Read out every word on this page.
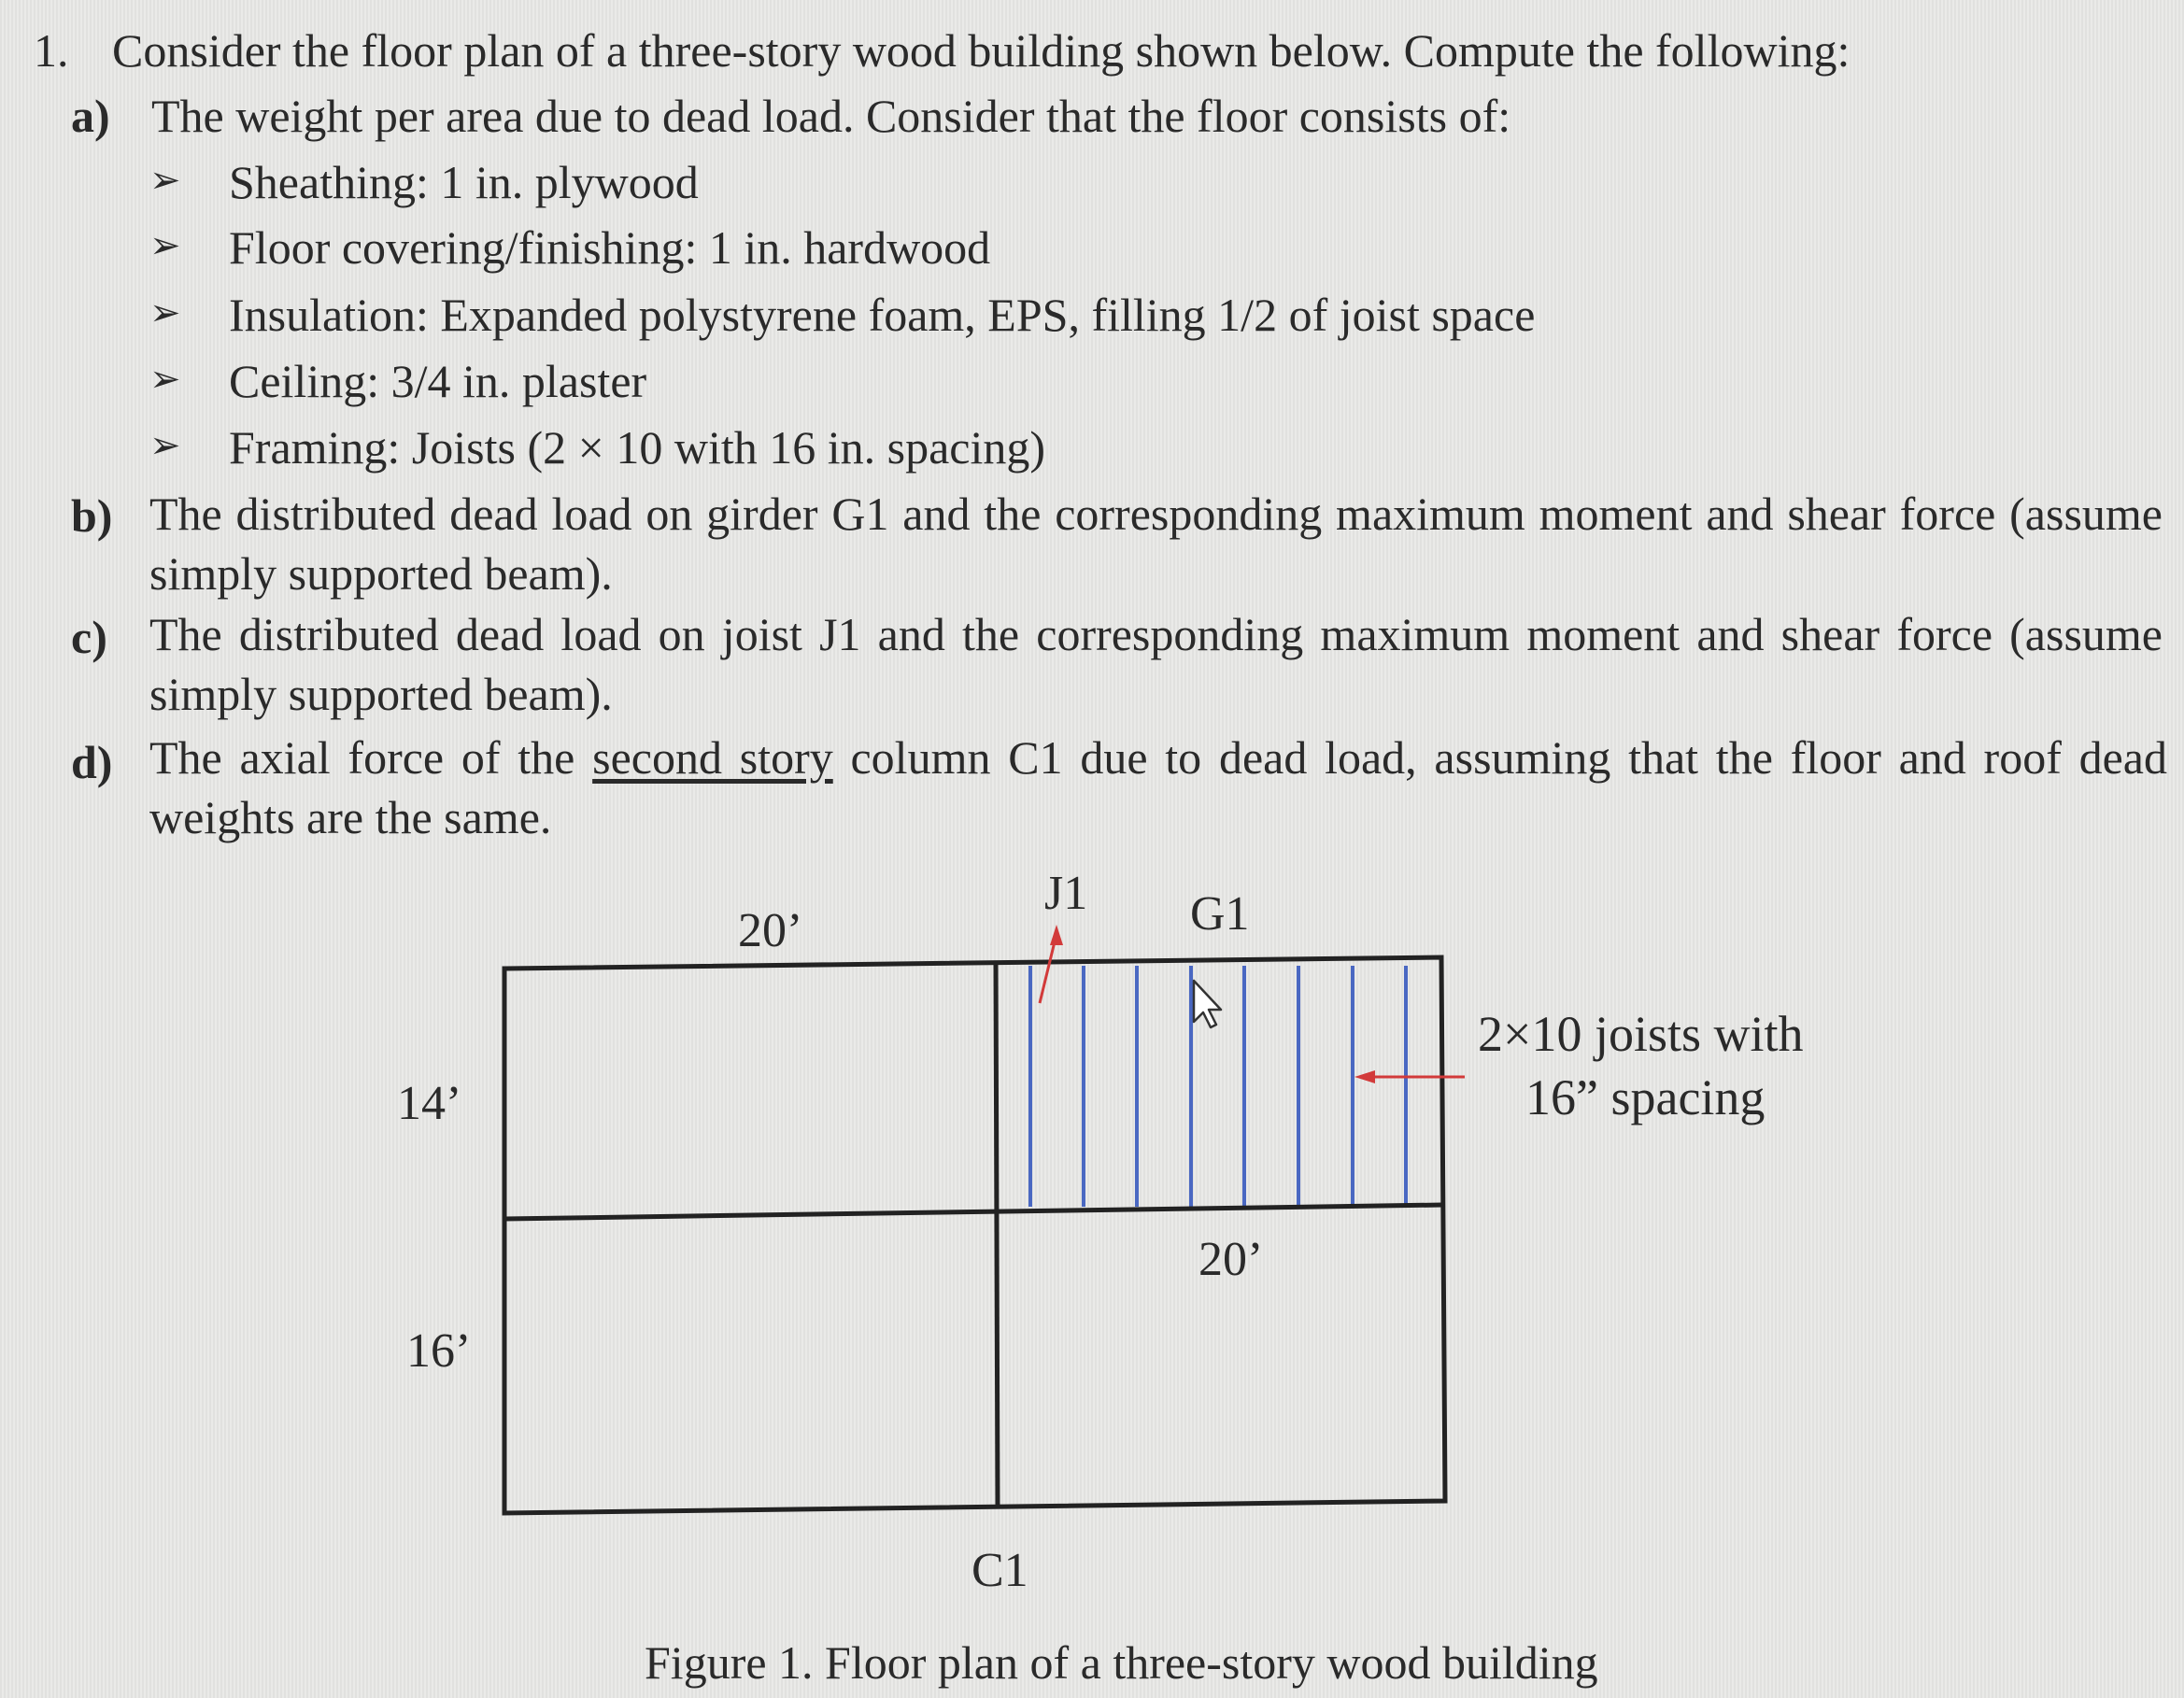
1. Consider the floor plan of a three-story wood building shown below. Compute the following:
a) The weight per area due to dead load. Consider that the floor consists of:
➢ Sheathing: 1 in. plywood
➢ Floor covering/finishing: 1 in. hardwood
➢ Insulation: Expanded polystyrene foam, EPS, filling 1/2 of joist space
➢ Ceiling: 3/4 in. plaster
➢ Framing: Joists (2 × 10 with 16 in. spacing)
b) The distributed dead load on girder G1 and the corresponding maximum moment and shear force (assume simply supported beam).
c) The distributed dead load on joist J1 and the corresponding maximum moment and shear force (assume simply supported beam).
d) The axial force of the second story column C1 due to dead load, assuming that the floor and roof dead weights are the same.
20’
J1 G1
14’
16’
20’
2×10 joists with
16” spacing
C1
Figure 1. Floor plan of a three-story wood building
